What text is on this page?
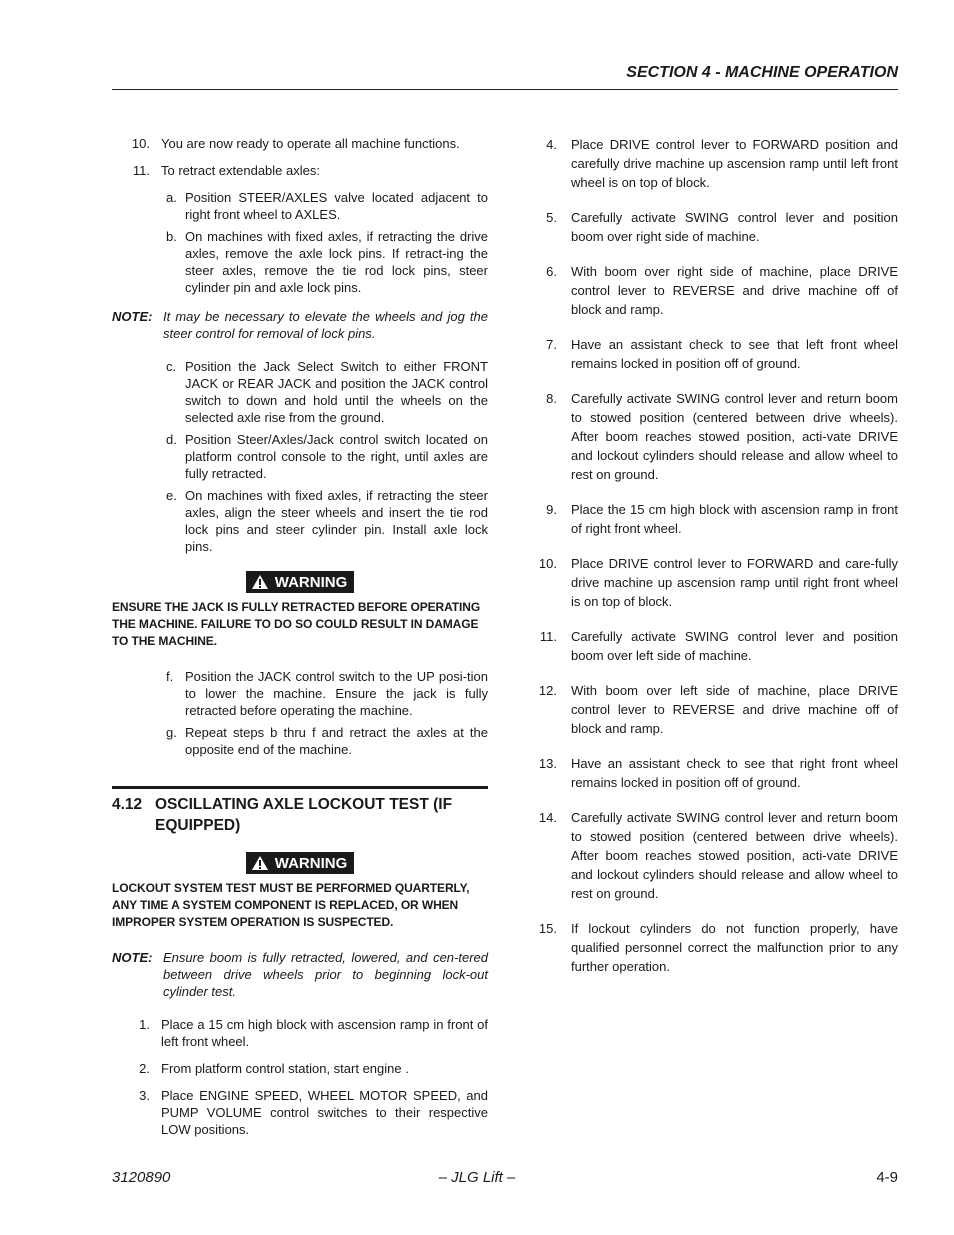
SECTION 4 - MACHINE OPERATION
10. You are now ready to operate all machine functions.
11. To retract extendable axles:
a. Position STEER/AXLES valve located adjacent to right front wheel to AXLES.
b. On machines with fixed axles, if retracting the drive axles, remove the axle lock pins. If retract-ing the steer axles, remove the tie rod lock pins, steer cylinder pin and axle lock pins.
NOTE: It may be necessary to elevate the wheels and jog the steer control for removal of lock pins.
c. Position the Jack Select Switch to either FRONT JACK or REAR JACK and position the JACK control switch to down and hold until the wheels on the selected axle rise from the ground.
d. Position Steer/Axles/Jack control switch located on platform control console to the right, until axles are fully retracted.
e. On machines with fixed axles, if retracting the steer axles, align the steer wheels and insert the tie rod lock pins and steer cylinder pin. Install axle lock pins.
WARNING
ENSURE THE JACK IS FULLY RETRACTED BEFORE OPERATING THE MACHINE. FAILURE TO DO SO COULD RESULT IN DAMAGE TO THE MACHINE.
f. Position the JACK control switch to the UP posi-tion to lower the machine. Ensure the jack is fully retracted before operating the machine.
g. Repeat steps b thru f and retract the axles at the opposite end of the machine.
4.12 OSCILLATING AXLE LOCKOUT TEST (IF EQUIPPED)
WARNING
LOCKOUT SYSTEM TEST MUST BE PERFORMED QUARTERLY, ANY TIME A SYSTEM COMPONENT IS REPLACED, OR WHEN IMPROPER SYSTEM OPERATION IS SUSPECTED.
NOTE: Ensure boom is fully retracted, lowered, and cen-tered between drive wheels prior to beginning lock-out cylinder test.
1. Place a 15 cm high block with ascension ramp in front of left front wheel.
2. From platform control station, start engine .
3. Place ENGINE SPEED, WHEEL MOTOR SPEED, and PUMP VOLUME control switches to their respective LOW positions.
4. Place DRIVE control lever to FORWARD position and carefully drive machine up ascension ramp until left front wheel is on top of block.
5. Carefully activate SWING control lever and position boom over right side of machine.
6. With boom over right side of machine, place DRIVE control lever to REVERSE and drive machine off of block and ramp.
7. Have an assistant check to see that left front wheel remains locked in position off of ground.
8. Carefully activate SWING control lever and return boom to stowed position (centered between drive wheels). After boom reaches stowed position, acti-vate DRIVE and lockout cylinders should release and allow wheel to rest on ground.
9. Place the 15 cm high block with ascension ramp in front of right front wheel.
10. Place DRIVE control lever to FORWARD and care-fully drive machine up ascension ramp until right front wheel is on top of block.
11. Carefully activate SWING control lever and position boom over left side of machine.
12. With boom over left side of machine, place DRIVE control lever to REVERSE and drive machine off of block and ramp.
13. Have an assistant check to see that right front wheel remains locked in position off of ground.
14. Carefully activate SWING control lever and return boom to stowed position (centered between drive wheels). After boom reaches stowed position, acti-vate DRIVE and lockout cylinders should release and allow wheel to rest on ground.
15. If lockout cylinders do not function properly, have qualified personnel correct the malfunction prior to any further operation.
3120890	– JLG Lift –	4-9
